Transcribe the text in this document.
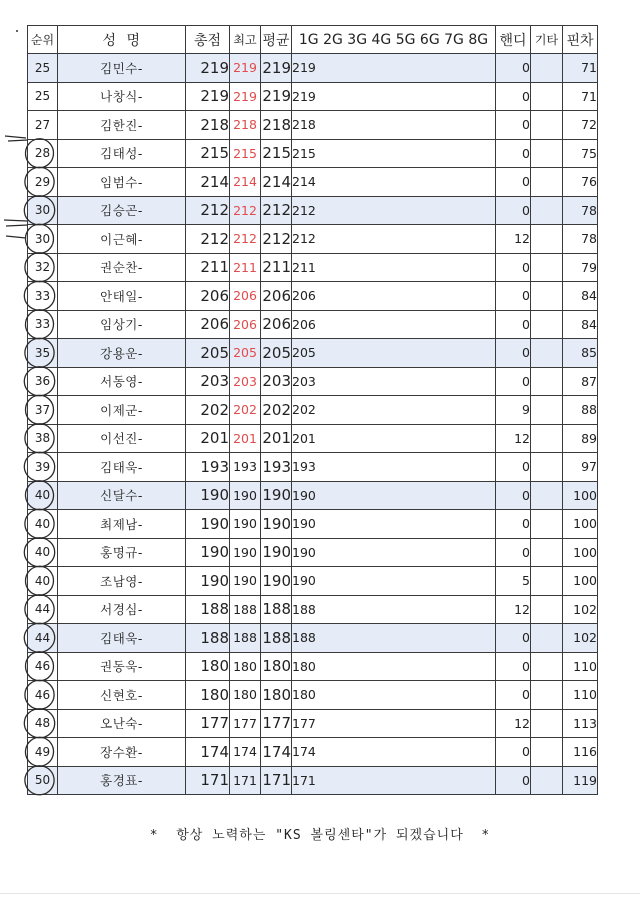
순위	성  명	총점	최고	평균	1G 2G 3G 4G 5G 6G 7G 8G	핸디	기타	핀차
25	김민수-	219	219	219	219	0		71
25	나창식-	219	219	219	219	0		71
27	김한진-	218	218	218	218	0		72
28	김태성-	215	215	215	215	0		75
29	임범수-	214	214	214	214	0		76
30	김승곤-	212	212	212	212	0		78
30	이근혜-	212	212	212	212	12		78
32	권순찬-	211	211	211	211	0		79
33	안태일-	206	206	206	206	0		84
33	임상기-	206	206	206	206	0		84
35	강용운-	205	205	205	205	0		85
36	서동영-	203	203	203	203	0		87
37	이제군-	202	202	202	202	9		88
38	이선진-	201	201	201	201	12		89
39	김태욱-	193	193	193	193	0		97
40	신달수-	190	190	190	190	0		100
40	최제남-	190	190	190	190	0		100
40	홍명규-	190	190	190	190	0		100
40	조남영-	190	190	190	190	5		100
44	서경심-	188	188	188	188	12		102
44	김태욱-	188	188	188	188	0		102
46	권동욱-	180	180	180	180	0		110
46	신현호-	180	180	180	180	0		110
48	오난숙-	177	177	177	177	12		113
49	장수환-	174	174	174	174	0		116
50	홍경표-	171	171	171	171	0		119
*  항상 노력하는 "KS 볼링센타"가 되겠습니다  *
